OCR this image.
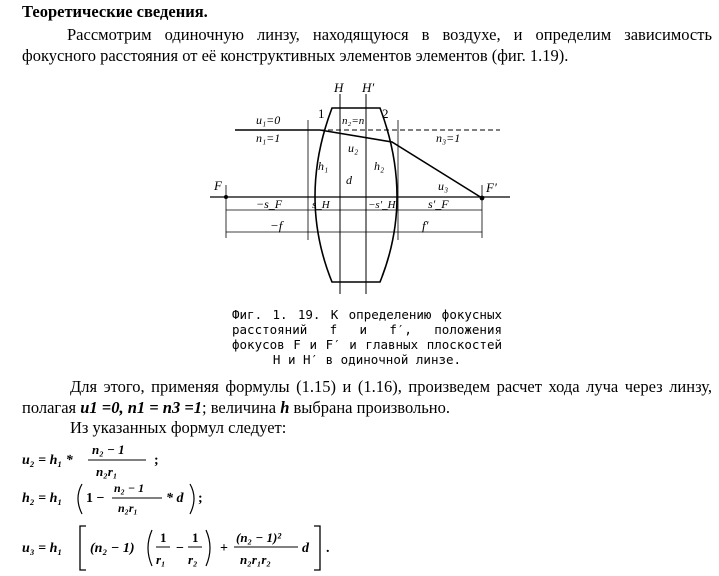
Теоретические сведения.
Рассмотрим одиночную линзу, находящуюся в воздухе, и определим зависимость фокусного расстояния от её конструктивных элементов элементов (фиг. 1.19).
H H′
1	2
u₁=0
n₁=1
n₂=n
u₂
n₃=1
h₁	h₂
d
F	F′
u₃
−s_F	s_H	−s′_H	s′_F
−f	f′
Фиг. 1. 19. К определению фокусных расстояний f и f′, положения фокусов F и F′ и главных плоскостей H и H′ в одиночной линзе.
Для этого, применяя формулы (1.15) и (1.16), произведем расчет хода луча через линзу, полагая u1 =0, n1 = n3 =1; величина h выбрана произвольно.
Из указанных формул следует:
u₂ = h₁ *
n₂ − 1
n₂r₁
;
h₂ = h₁ 1 −
n₂ − 1
n₂r₁
* d ;
u₃ = h₁ (n₂ − 1)
1
r₁
−
1
r₂
+
(n₂ − 1)²
n₂r₁r₂
d .
